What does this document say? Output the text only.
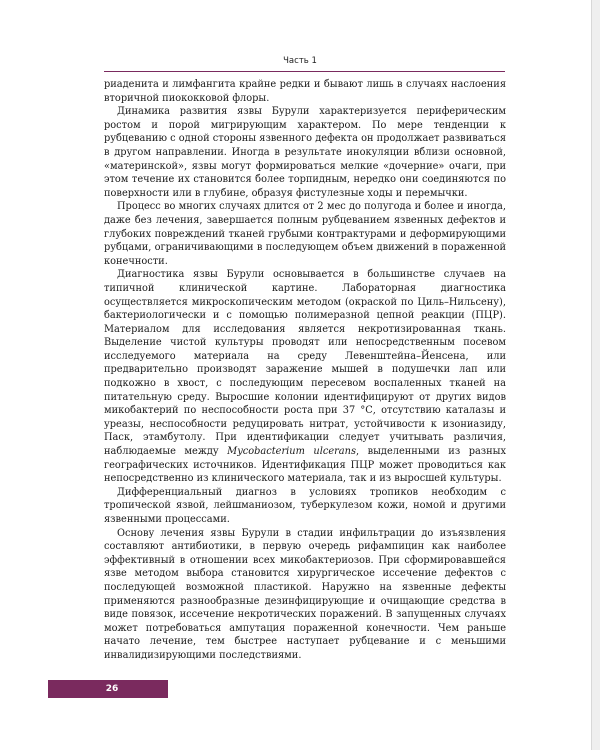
Часть 1

риаденита и лимфангита крайне редки и бывают лишь в случаях наслоения вторичной пиококковой флоры.

Динамика развития язвы Бурули характеризуется периферическим ростом и порой мигрирующим характером. По мере тенденции к рубцеванию с одной стороны язвенного дефекта он продолжает развиваться в другом направлении. Иногда в результате инокуляции вблизи основной, «материнской», язвы могут формироваться мелкие «дочерние» очаги, при этом течение их становится более торпидным, нередко они соединяются по поверхности или в глубине, образуя фистулезные ходы и перемычки.

Процесс во многих случаях длится от 2 мес до полугода и более и иногда, даже без лечения, завершается полным рубцеванием язвенных дефектов и глубоких повреждений тканей грубыми контрактурами и деформирующими рубцами, ограничивающими в последующем объем движений в пораженной конечности.

Диагностика язвы Бурули основывается в большинстве случаев на типичной клинической картине. Лабораторная диагностика осуществляется микроскопическим методом (окраской по Циль–Нильсену), бактериологически и с помощью полимеразной цепной реакции (ПЦР). Материалом для исследования является некротизированная ткань. Выделение чистой культуры проводят или непосредственным посевом исследуемого материала на среду Левенштейна–Йенсена, или предварительно производят заражение мышей в подушечки лап или подкожно в хвост, с последующим пересевом воспаленных тканей на питательную среду. Выросшие колонии идентифицируют от других видов микобактерий по неспособности роста при 37 °С, отсутствию каталазы и уреазы, неспособности редуцировать нитрат, устойчивости к изониазиду, Паск, этамбутолу. При идентификации следует учитывать различия, наблюдаемые между Mycobacterium ulcerans, выделенными из разных географических источников. Идентификация ПЦР может проводиться как непосредственно из клинического материала, так и из выросшей культуры.

Дифференциальный диагноз в условиях тропиков необходим с тропической язвой, лейшманиозом, туберкулезом кожи, номой и другими язвенными процессами.

Основу лечения язвы Бурули в стадии инфильтрации до изъязвления составляют антибиотики, в первую очередь рифампицин как наиболее эффективный в отношении всех микобактериозов. При сформировавшейся язве методом выбора становится хирургическое иссечение дефектов с последующей возможной пластикой. Наружно на язвенные дефекты применяются разнообразные дезинфицирующие и очищающие средства в виде повязок, иссечение некротических поражений. В запущенных случаях может потребоваться ампутация пораженной конечности. Чем раньше начато лечение, тем быстрее наступает рубцевание и с меньшими инвалидизирующими последствиями.

26
